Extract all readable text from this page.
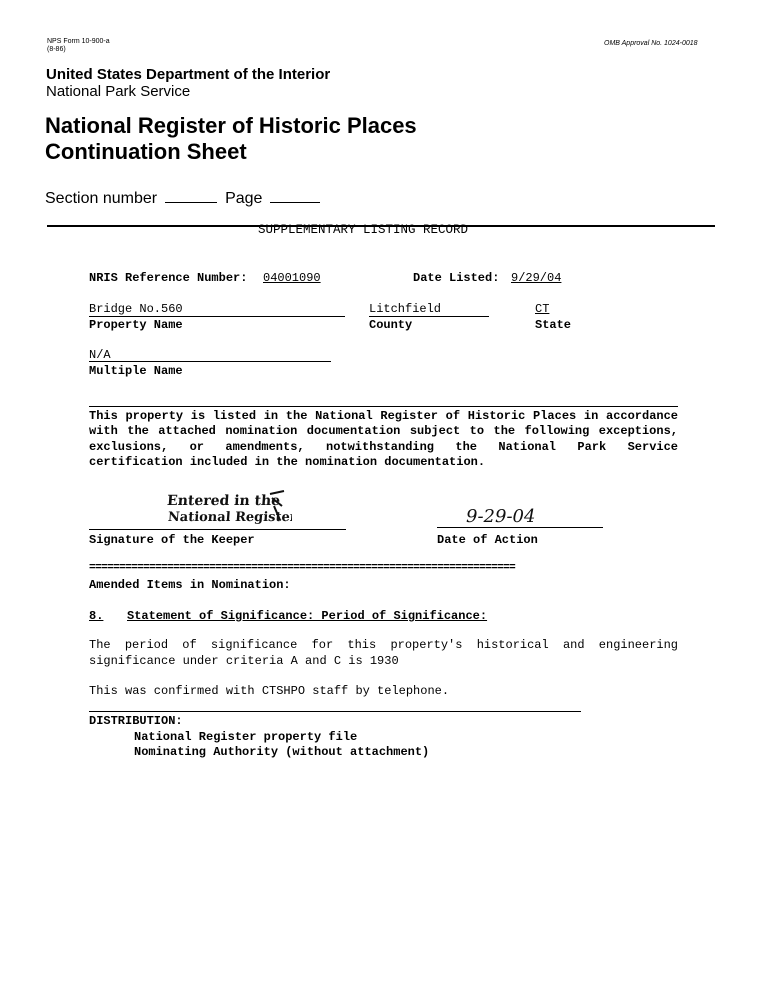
NPS Form 10-900-a
(8-86)
OMB Approval No. 1024-0018
United States Department of the Interior
National Park Service
National Register of Historic Places
Continuation Sheet
Section number	Page
SUPPLEMENTARY LISTING RECORD
NRIS Reference Number: 04001090	Date Listed: 9/29/04
Bridge No.560
Property Name
Litchfield
County
CT
State
N/A
Multiple Name
This property is listed in the National Register of Historic Places in accordance
with the attached nomination documentation subject to the following exceptions,
exclusions, or amendments, notwithstanding the National Park Service
certification included in the nomination documentation.
Entered in the
National Register
Signature of the Keeper
9-29-04
Date of Action
=======================================================================
Amended Items in Nomination:
8. Statement of Significance: Period of Significance:
The period of significance for this property's historical and engineering
significance under criteria A and C is 1930
This was confirmed with CTSHPO staff by telephone.
DISTRIBUTION:
National Register property file
Nominating Authority (without attachment)
